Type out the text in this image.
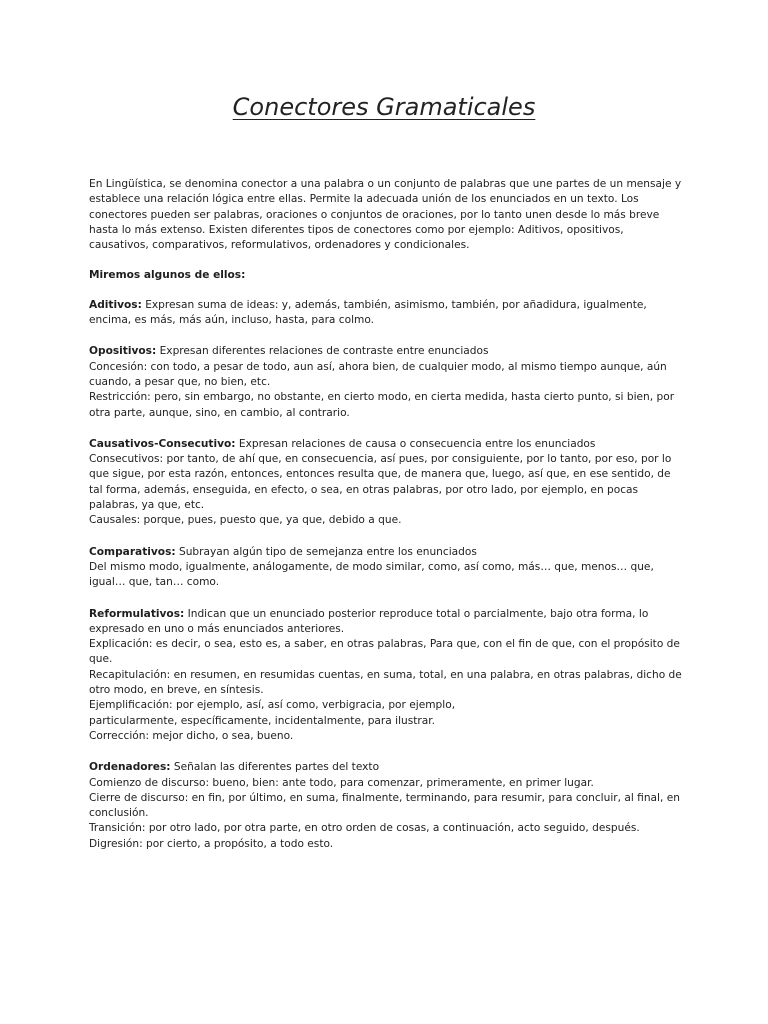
Conectores Gramaticales

En Lingüística, se denomina conector a una palabra o un conjunto de palabras que une partes de un mensaje y establece una relación lógica entre ellas. Permite la adecuada unión de los enunciados en un texto. Los conectores pueden ser palabras, oraciones o conjuntos de oraciones, por lo tanto unen desde lo más breve hasta lo más extenso. Existen diferentes tipos de conectores como por ejemplo: Aditivos, opositivos, causativos, comparativos, reformulativos, ordenadores y condicionales.

Miremos algunos de ellos:

Aditivos: Expresan suma de ideas: y, además, también, asimismo, también, por añadidura, igualmente, encima, es más, más aún, incluso, hasta, para colmo.

Opositivos: Expresan diferentes relaciones de contraste entre enunciados

Concesión: con todo, a pesar de todo, aun así, ahora bien, de cualquier modo, al mismo tiempo aunque, aún cuando, a pesar que, no bien, etc.

Restricción: pero, sin embargo, no obstante, en cierto modo, en cierta medida, hasta cierto punto, si bien, por otra parte, aunque, sino, en cambio, al contrario.

Causativos-Consecutivo: Expresan relaciones de causa o consecuencia entre los enunciados

Consecutivos: por tanto, de ahí que, en consecuencia, así pues, por consiguiente, por lo tanto, por eso, por lo que sigue, por esta razón, entonces, entonces resulta que, de manera que, luego, así que, en ese sentido, de tal forma, además, enseguida, en efecto, o sea, en otras palabras, por otro lado, por ejemplo, en pocas palabras, ya que, etc.

Causales: porque, pues, puesto que, ya que, debido a que.

Comparativos: Subrayan algún tipo de semejanza entre los enunciados

Del mismo modo, igualmente, análogamente, de modo similar, como, así como, más… que, menos… que, igual… que, tan… como.

Reformulativos: Indican que un enunciado posterior reproduce total o parcialmente, bajo otra forma, lo expresado en uno o más enunciados anteriores.

Explicación: es decir, o sea, esto es, a saber, en otras palabras, Para que, con el fin de que, con el propósito de que.

Recapitulación: en resumen, en resumidas cuentas, en suma, total, en una palabra, en otras palabras, dicho de otro modo, en breve, en síntesis.

Ejemplificación: por ejemplo, así, así como, verbigracia, por ejemplo,

particularmente, específicamente, incidentalmente, para ilustrar.

Corrección: mejor dicho, o sea, bueno.

Ordenadores: Señalan las diferentes partes del texto

Comienzo de discurso: bueno, bien: ante todo, para comenzar, primeramente, en primer lugar.

Cierre de discurso: en fin, por último, en suma, finalmente, terminando, para resumir, para concluir, al final, en conclusión.

Transición: por otro lado, por otra parte, en otro orden de cosas, a continuación, acto seguido, después.

Digresión: por cierto, a propósito, a todo esto.
